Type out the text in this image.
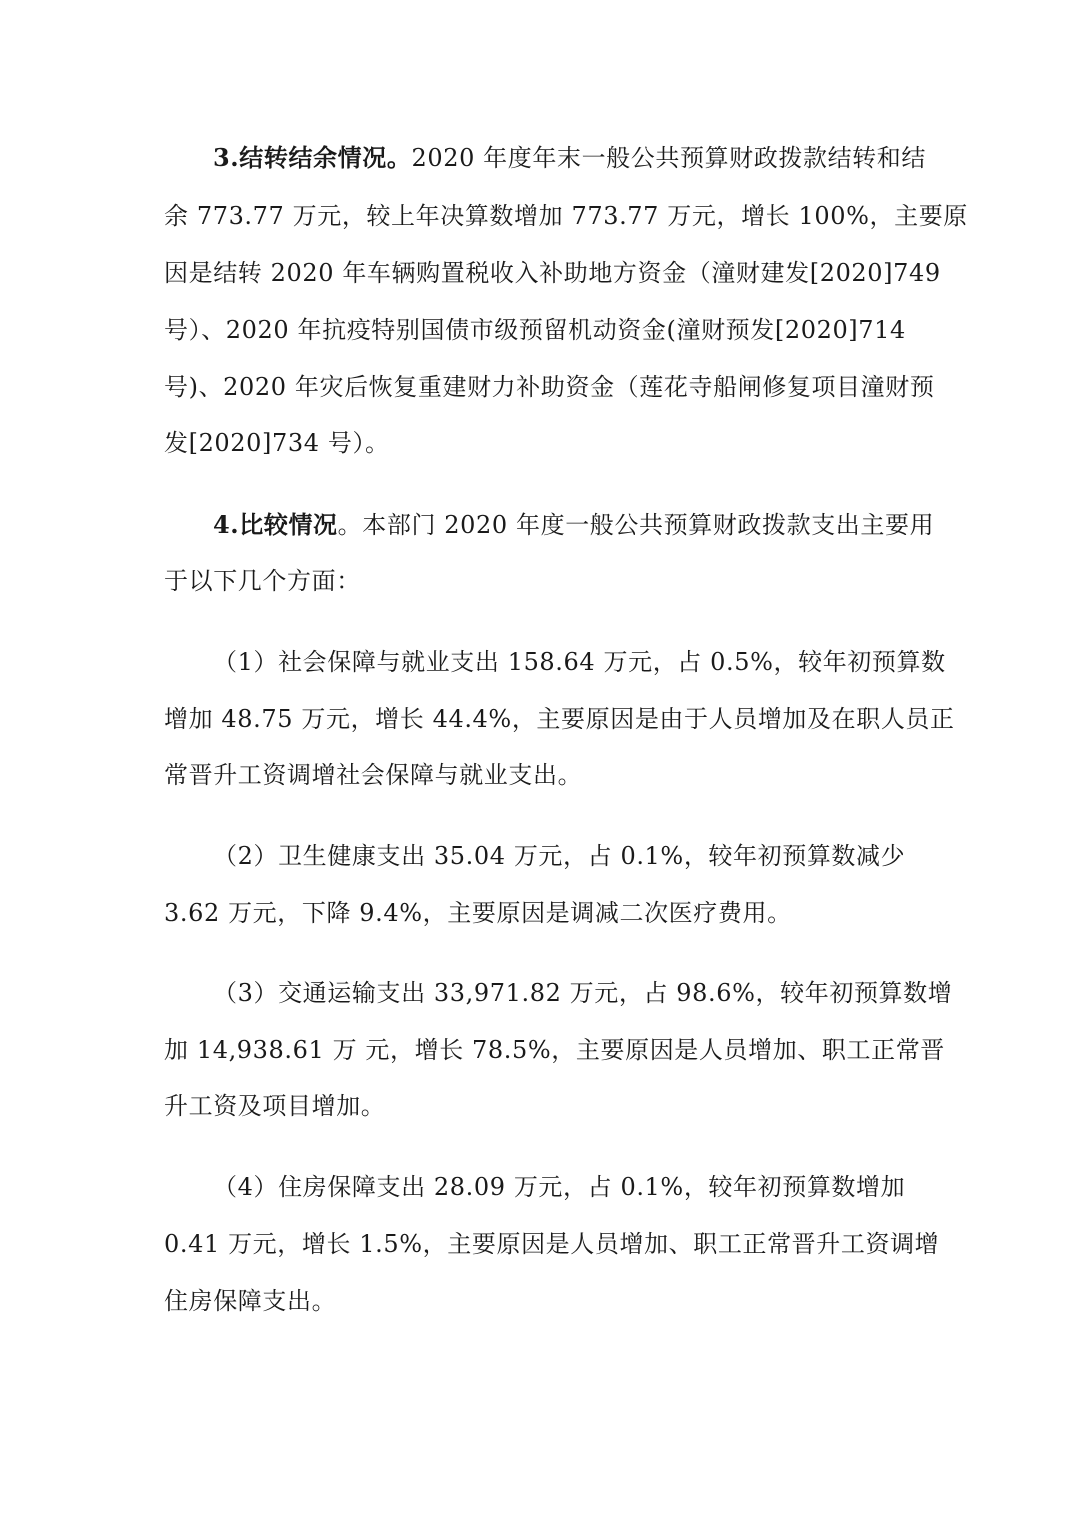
3.结转结余情况。2020 年度年末一般公共预算财政拨款结转和结
余 773.77 万元，较上年决算数增加 773.77 万元，增长 100%，主要原
因是结转 2020 年车辆购置税收入补助地方资金（潼财建发[2020]749
号）、2020 年抗疫特别国债市级预留机动资金(潼财预发[2020]714
号)、2020 年灾后恢复重建财力补助资金（莲花寺船闸修复项目潼财预
发[2020]734 号）。
4.比较情况。本部门 2020 年度一般公共预算财政拨款支出主要用
于以下几个方面：
（1）社会保障与就业支出 158.64 万元，占 0.5%，较年初预算数
增加 48.75 万元，增长 44.4%，主要原因是由于人员增加及在职人员正
常晋升工资调增社会保障与就业支出。
（2）卫生健康支出 35.04 万元，占 0.1%，较年初预算数减少
3.62 万元，下降 9.4%，主要原因是调减二次医疗费用。
（3）交通运输支出 33,971.82 万元，占 98.6%，较年初预算数增
加 14,938.61 万 元，增长 78.5%，主要原因是人员增加、职工正常晋
升工资及项目增加。
（4）住房保障支出 28.09 万元，占 0.1%，较年初预算数增加
0.41 万元，增长 1.5%，主要原因是人员增加、职工正常晋升工资调增
住房保障支出。
